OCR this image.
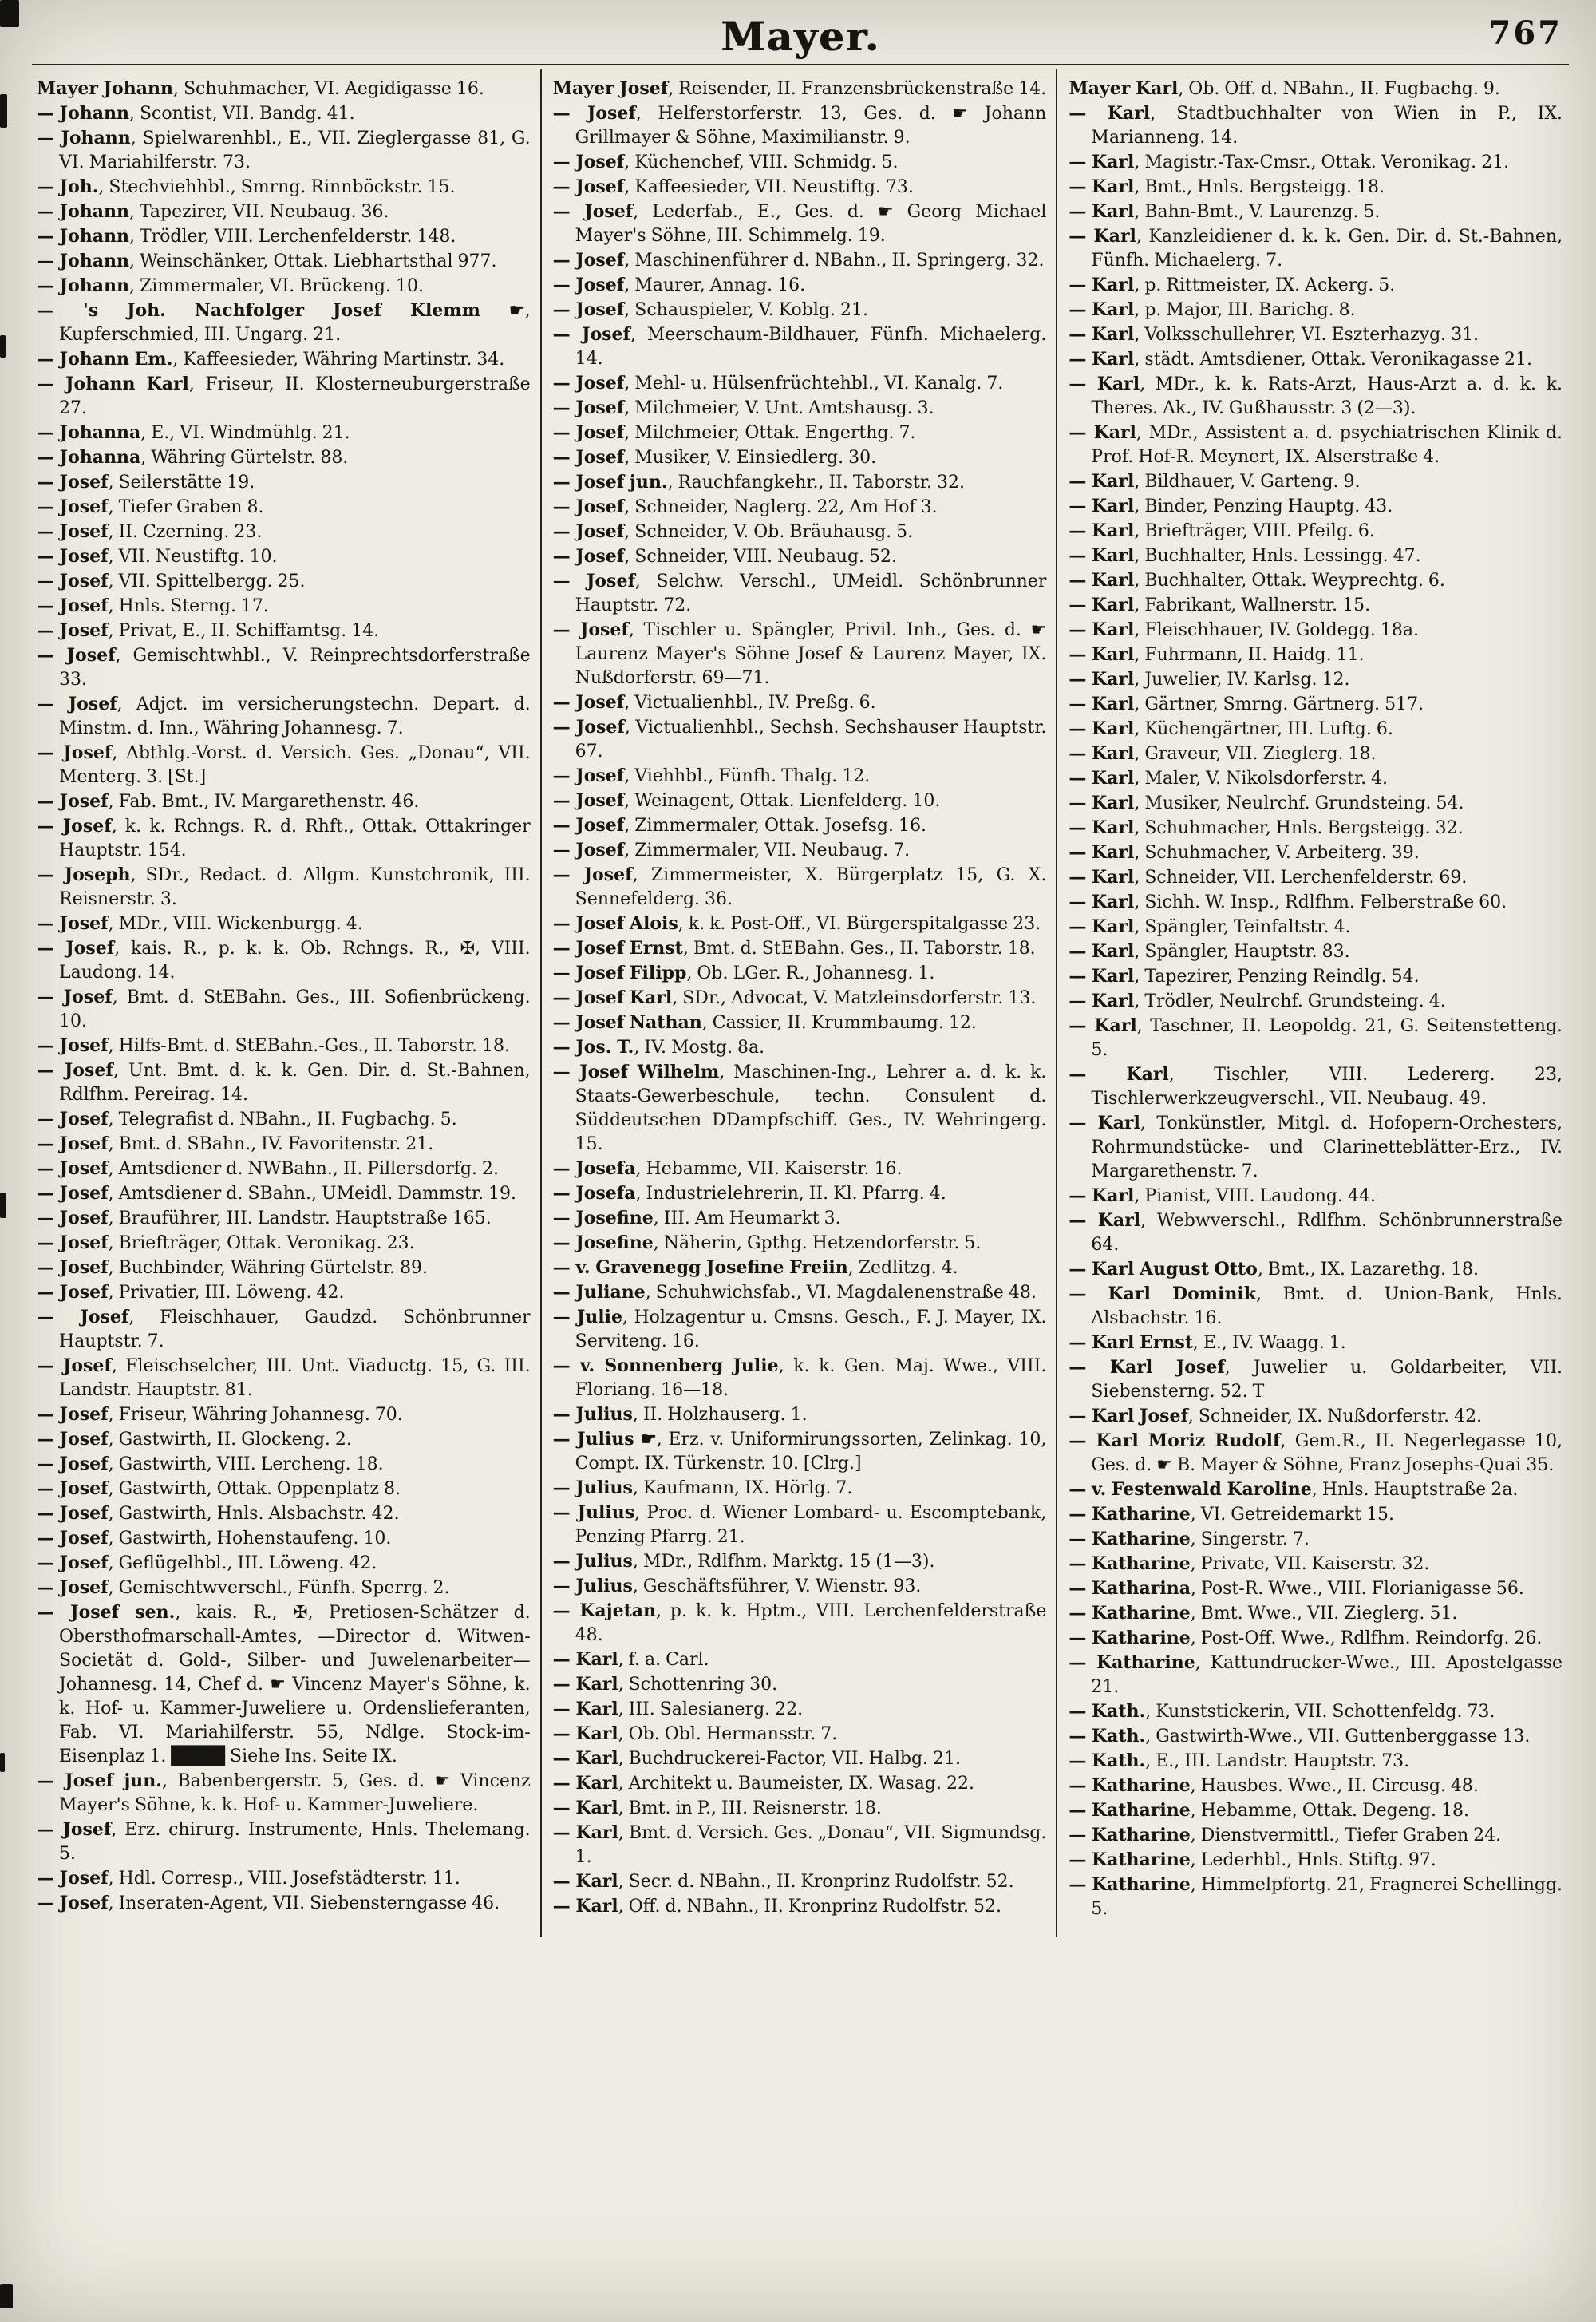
Mayer.	767
Mayer Johann, Schuhmacher, VI. Aegidigasse 16.
— Johann, Scontist, VII. Bandg. 41.
— Johann, Spielwarenhbl., E., VII. Zieglergasse 81, G. VI. Mariahilferstr. 73.
— Joh., Stechviehhbl., Smrng. Rinnböckstr. 15.
— Johann, Tapezirer, VII. Neubaug. 36.
— Johann, Trödler, VIII. Lerchenfelderstr. 148.
— Johann, Weinschänker, Ottak. Liebhartsthal 977.
— Johann, Zimmermaler, VI. Brückeng. 10.
— 's Joh. Nachfolger Josef Klemm ☛, Kupferschmied, III. Ungarg. 21.
— Johann Em., Kaffeesieder, Währing Martinstr. 34.
— Johann Karl, Friseur, II. Klosterneuburgerstraße 27.
— Johanna, E., VI. Windmühlg. 21.
— Johanna, Währing Gürtelstr. 88.
— Josef, Seilerstätte 19.
— Josef, Tiefer Graben 8.
— Josef, II. Czerning. 23.
— Josef, VII. Neustiftg. 10.
— Josef, VII. Spittelbergg. 25.
— Josef, Hnls. Sterng. 17.
— Josef, Privat, E., II. Schiffamtsg. 14.
— Josef, Gemischtwhbl., V. Reinprechtsdorferstraße 33.
— Josef, Adjct. im versicherungstechn. Depart. d. Minstm. d. Inn., Währing Johannesg. 7.
— Josef, Abthlg.-Vorst. d. Versich. Ges. „Donau“, VII. Menterg. 3. [St.]
— Josef, Fab. Bmt., IV. Margarethenstr. 46.
— Josef, k. k. Rchngs. R. d. Rhft., Ottak. Ottakringer Hauptstr. 154.
— Joseph, SDr., Redact. d. Allgm. Kunstchronik, III. Reisnerstr. 3.
— Josef, MDr., VIII. Wickenburgg. 4.
— Josef, kais. R., p. k. k. Ob. Rchngs. R., ✠, VIII. Laudong. 14.
— Josef, Bmt. d. StEBahn. Ges., III. Sofienbrückeng. 10.
— Josef, Hilfs-Bmt. d. StEBahn.-Ges., II. Taborstr. 18.
— Josef, Unt. Bmt. d. k. k. Gen. Dir. d. St.-Bahnen, Rdlfhm. Pereirag. 14.
— Josef, Telegrafist d. NBahn., II. Fugbachg. 5.
— Josef, Bmt. d. SBahn., IV. Favoritenstr. 21.
— Josef, Amtsdiener d. NWBahn., II. Pillersdorfg. 2.
— Josef, Amtsdiener d. SBahn., UMeidl. Dammstr. 19.
— Josef, Brauführer, III. Landstr. Hauptstraße 165.
— Josef, Briefträger, Ottak. Veronikag. 23.
— Josef, Buchbinder, Währing Gürtelstr. 89.
— Josef, Privatier, III. Löweng. 42.
— Josef, Fleischhauer, Gaudzd. Schönbrunner Hauptstr. 7.
— Josef, Fleischselcher, III. Unt. Viaductg. 15, G. III. Landstr. Hauptstr. 81.
— Josef, Friseur, Währing Johannesg. 70.
— Josef, Gastwirth, II. Glockeng. 2.
— Josef, Gastwirth, VIII. Lercheng. 18.
— Josef, Gastwirth, Ottak. Oppenplatz 8.
— Josef, Gastwirth, Hnls. Alsbachstr. 42.
— Josef, Gastwirth, Hohenstaufeng. 10.
— Josef, Geflügelhbl., III. Löweng. 42.
— Josef, Gemischtwverschl., Fünfh. Sperrg. 2.
— Josef sen., kais. R., ✠, Pretiosen-Schätzer d. Obersthofmarschall-Amtes, —Director d. Witwen-Societät d. Gold-, Silber- und Juwelenarbeiter— Johannesg. 14, Chef d. ☛ Vincenz Mayer's Söhne, k. k. Hof- u. Kammer-Juweliere u. Ordenslieferanten, Fab. VI. Mariahilferstr. 55, Ndlge. Stock-im-Eisenplaz 1. ████ Siehe Ins. Seite IX.
— Josef jun., Babenbergerstr. 5, Ges. d. ☛ Vincenz Mayer's Söhne, k. k. Hof- u. Kammer-Juweliere.
— Josef, Erz. chirurg. Instrumente, Hnls. Thelemang. 5.
— Josef, Hdl. Corresp., VIII. Josefstädterstr. 11.
— Josef, Inseraten-Agent, VII. Siebensterngasse 46.
Mayer Josef, Reisender, II. Franzensbrückenstraße 14.
— Josef, Helferstorferstr. 13, Ges. d. ☛ Johann Grillmayer & Söhne, Maximilianstr. 9.
— Josef, Küchenchef, VIII. Schmidg. 5.
— Josef, Kaffeesieder, VII. Neustiftg. 73.
— Josef, Lederfab., E., Ges. d. ☛ Georg Michael Mayer's Söhne, III. Schimmelg. 19.
— Josef, Maschinenführer d. NBahn., II. Springerg. 32.
— Josef, Maurer, Annag. 16.
— Josef, Schauspieler, V. Koblg. 21.
— Josef, Meerschaum-Bildhauer, Fünfh. Michaelerg. 14.
— Josef, Mehl- u. Hülsenfrüchtehbl., VI. Kanalg. 7.
— Josef, Milchmeier, V. Unt. Amtshausg. 3.
— Josef, Milchmeier, Ottak. Engerthg. 7.
— Josef, Musiker, V. Einsiedlerg. 30.
— Josef jun., Rauchfangkehr., II. Taborstr. 32.
— Josef, Schneider, Naglerg. 22, Am Hof 3.
— Josef, Schneider, V. Ob. Bräuhausg. 5.
— Josef, Schneider, VIII. Neubaug. 52.
— Josef, Selchw. Verschl., UMeidl. Schönbrunner Hauptstr. 72.
— Josef, Tischler u. Spängler, Privil. Inh., Ges. d. ☛ Laurenz Mayer's Söhne Josef & Laurenz Mayer, IX. Nußdorferstr. 69—71.
— Josef, Victualienhbl., IV. Preßg. 6.
— Josef, Victualienhbl., Sechsh. Sechshauser Hauptstr. 67.
— Josef, Viehhbl., Fünfh. Thalg. 12.
— Josef, Weinagent, Ottak. Lienfelderg. 10.
— Josef, Zimmermaler, Ottak. Josefsg. 16.
— Josef, Zimmermaler, VII. Neubaug. 7.
— Josef, Zimmermeister, X. Bürgerplatz 15, G. X. Sennefelderg. 36.
— Josef Alois, k. k. Post-Off., VI. Bürgerspitalgasse 23.
— Josef Ernst, Bmt. d. StEBahn. Ges., II. Taborstr. 18.
— Josef Filipp, Ob. LGer. R., Johannesg. 1.
— Josef Karl, SDr., Advocat, V. Matzleinsdorferstr. 13.
— Josef Nathan, Cassier, II. Krummbaumg. 12.
— Jos. T., IV. Mostg. 8a.
— Josef Wilhelm, Maschinen-Ing., Lehrer a. d. k. k. Staats-Gewerbeschule, techn. Consulent d. Süddeutschen DDampfschiff. Ges., IV. Wehringerg. 15.
— Josefa, Hebamme, VII. Kaiserstr. 16.
— Josefa, Industrielehrerin, II. Kl. Pfarrg. 4.
— Josefine, III. Am Heumarkt 3.
— Josefine, Näherin, Gpthg. Hetzendorferstr. 5.
— v. Gravenegg Josefine Freiin, Zedlitzg. 4.
— Juliane, Schuhwichsfab., VI. Magdalenenstraße 48.
— Julie, Holzagentur u. Cmsns. Gesch., F. J. Mayer, IX. Serviteng. 16.
— v. Sonnenberg Julie, k. k. Gen. Maj. Wwe., VIII. Floriang. 16—18.
— Julius, II. Holzhauserg. 1.
— Julius ☛, Erz. v. Uniformirungssorten, Zelinkag. 10, Compt. IX. Türkenstr. 10. [Clrg.]
— Julius, Kaufmann, IX. Hörlg. 7.
— Julius, Proc. d. Wiener Lombard- u. Escomptebank, Penzing Pfarrg. 21.
— Julius, MDr., Rdlfhm. Marktg. 15 (1—3).
— Julius, Geschäftsführer, V. Wienstr. 93.
— Kajetan, p. k. k. Hptm., VIII. Lerchenfelderstraße 48.
— Karl, f. a. Carl.
— Karl, Schottenring 30.
— Karl, III. Salesianerg. 22.
— Karl, Ob. Obl. Hermansstr. 7.
— Karl, Buchdruckerei-Factor, VII. Halbg. 21.
— Karl, Architekt u. Baumeister, IX. Wasag. 22.
— Karl, Bmt. in P., III. Reisnerstr. 18.
— Karl, Bmt. d. Versich. Ges. „Donau“, VII. Sigmundsg. 1.
— Karl, Secr. d. NBahn., II. Kronprinz Rudolfstr. 52.
— Karl, Off. d. NBahn., II. Kronprinz Rudolfstr. 52.
Mayer Karl, Ob. Off. d. NBahn., II. Fugbachg. 9.
— Karl, Stadtbuchhalter von Wien in P., IX. Marianneng. 14.
— Karl, Magistr.-Tax-Cmsr., Ottak. Veronikag. 21.
— Karl, Bmt., Hnls. Bergsteigg. 18.
— Karl, Bahn-Bmt., V. Laurenzg. 5.
— Karl, Kanzleidiener d. k. k. Gen. Dir. d. St.-Bahnen, Fünfh. Michaelerg. 7.
— Karl, p. Rittmeister, IX. Ackerg. 5.
— Karl, p. Major, III. Barichg. 8.
— Karl, Volksschullehrer, VI. Eszterhazyg. 31.
— Karl, städt. Amtsdiener, Ottak. Veronikagasse 21.
— Karl, MDr., k. k. Rats-Arzt, Haus-Arzt a. d. k. k. Theres. Ak., IV. Gußhausstr. 3 (2—3).
— Karl, MDr., Assistent a. d. psychiatrischen Klinik d. Prof. Hof-R. Meynert, IX. Alserstraße 4.
— Karl, Bildhauer, V. Garteng. 9.
— Karl, Binder, Penzing Hauptg. 43.
— Karl, Briefträger, VIII. Pfeilg. 6.
— Karl, Buchhalter, Hnls. Lessingg. 47.
— Karl, Buchhalter, Ottak. Weyprechtg. 6.
— Karl, Fabrikant, Wallnerstr. 15.
— Karl, Fleischhauer, IV. Goldegg. 18a.
— Karl, Fuhrmann, II. Haidg. 11.
— Karl, Juwelier, IV. Karlsg. 12.
— Karl, Gärtner, Smrng. Gärtnerg. 517.
— Karl, Küchengärtner, III. Luftg. 6.
— Karl, Graveur, VII. Zieglerg. 18.
— Karl, Maler, V. Nikolsdorferstr. 4.
— Karl, Musiker, Neulrchf. Grundsteing. 54.
— Karl, Schuhmacher, Hnls. Bergsteigg. 32.
— Karl, Schuhmacher, V. Arbeiterg. 39.
— Karl, Schneider, VII. Lerchenfelderstr. 69.
— Karl, Sichh. W. Insp., Rdlfhm. Felberstraße 60.
— Karl, Spängler, Teinfaltstr. 4.
— Karl, Spängler, Hauptstr. 83.
— Karl, Tapezirer, Penzing Reindlg. 54.
— Karl, Trödler, Neulrchf. Grundsteing. 4.
— Karl, Taschner, II. Leopoldg. 21, G. Seitenstetteng. 5.
— Karl, Tischler, VIII. Ledererg. 23, Tischlerwerkzeugverschl., VII. Neubaug. 49.
— Karl, Tonkünstler, Mitgl. d. Hofopern-Orchesters, Rohrmundstücke- und Clarinetteblätter-Erz., IV. Margarethenstr. 7.
— Karl, Pianist, VIII. Laudong. 44.
— Karl, Webwverschl., Rdlfhm. Schönbrunnerstraße 64.
— Karl August Otto, Bmt., IX. Lazarethg. 18.
— Karl Dominik, Bmt. d. Union-Bank, Hnls. Alsbachstr. 16.
— Karl Ernst, E., IV. Waagg. 1.
— Karl Josef, Juwelier u. Goldarbeiter, VII. Siebensterng. 52. T
— Karl Josef, Schneider, IX. Nußdorferstr. 42.
— Karl Moriz Rudolf, Gem.R., II. Negerlegasse 10, Ges. d. ☛ B. Mayer & Söhne, Franz Josephs-Quai 35.
— v. Festenwald Karoline, Hnls. Hauptstraße 2a.
— Katharine, VI. Getreidemarkt 15.
— Katharine, Singerstr. 7.
— Katharine, Private, VII. Kaiserstr. 32.
— Katharina, Post-R. Wwe., VIII. Florianigasse 56.
— Katharine, Bmt. Wwe., VII. Zieglerg. 51.
— Katharine, Post-Off. Wwe., Rdlfhm. Reindorfg. 26.
— Katharine, Kattundrucker-Wwe., III. Apostelgasse 21.
— Kath., Kunststickerin, VII. Schottenfeldg. 73.
— Kath., Gastwirth-Wwe., VII. Guttenberggasse 13.
— Kath., E., III. Landstr. Hauptstr. 73.
— Katharine, Hausbes. Wwe., II. Circusg. 48.
— Katharine, Hebamme, Ottak. Degeng. 18.
— Katharine, Dienstvermittl., Tiefer Graben 24.
— Katharine, Lederhbl., Hnls. Stiftg. 97.
— Katharine, Himmelpfortg. 21, Fragnerei Schellingg. 5.
